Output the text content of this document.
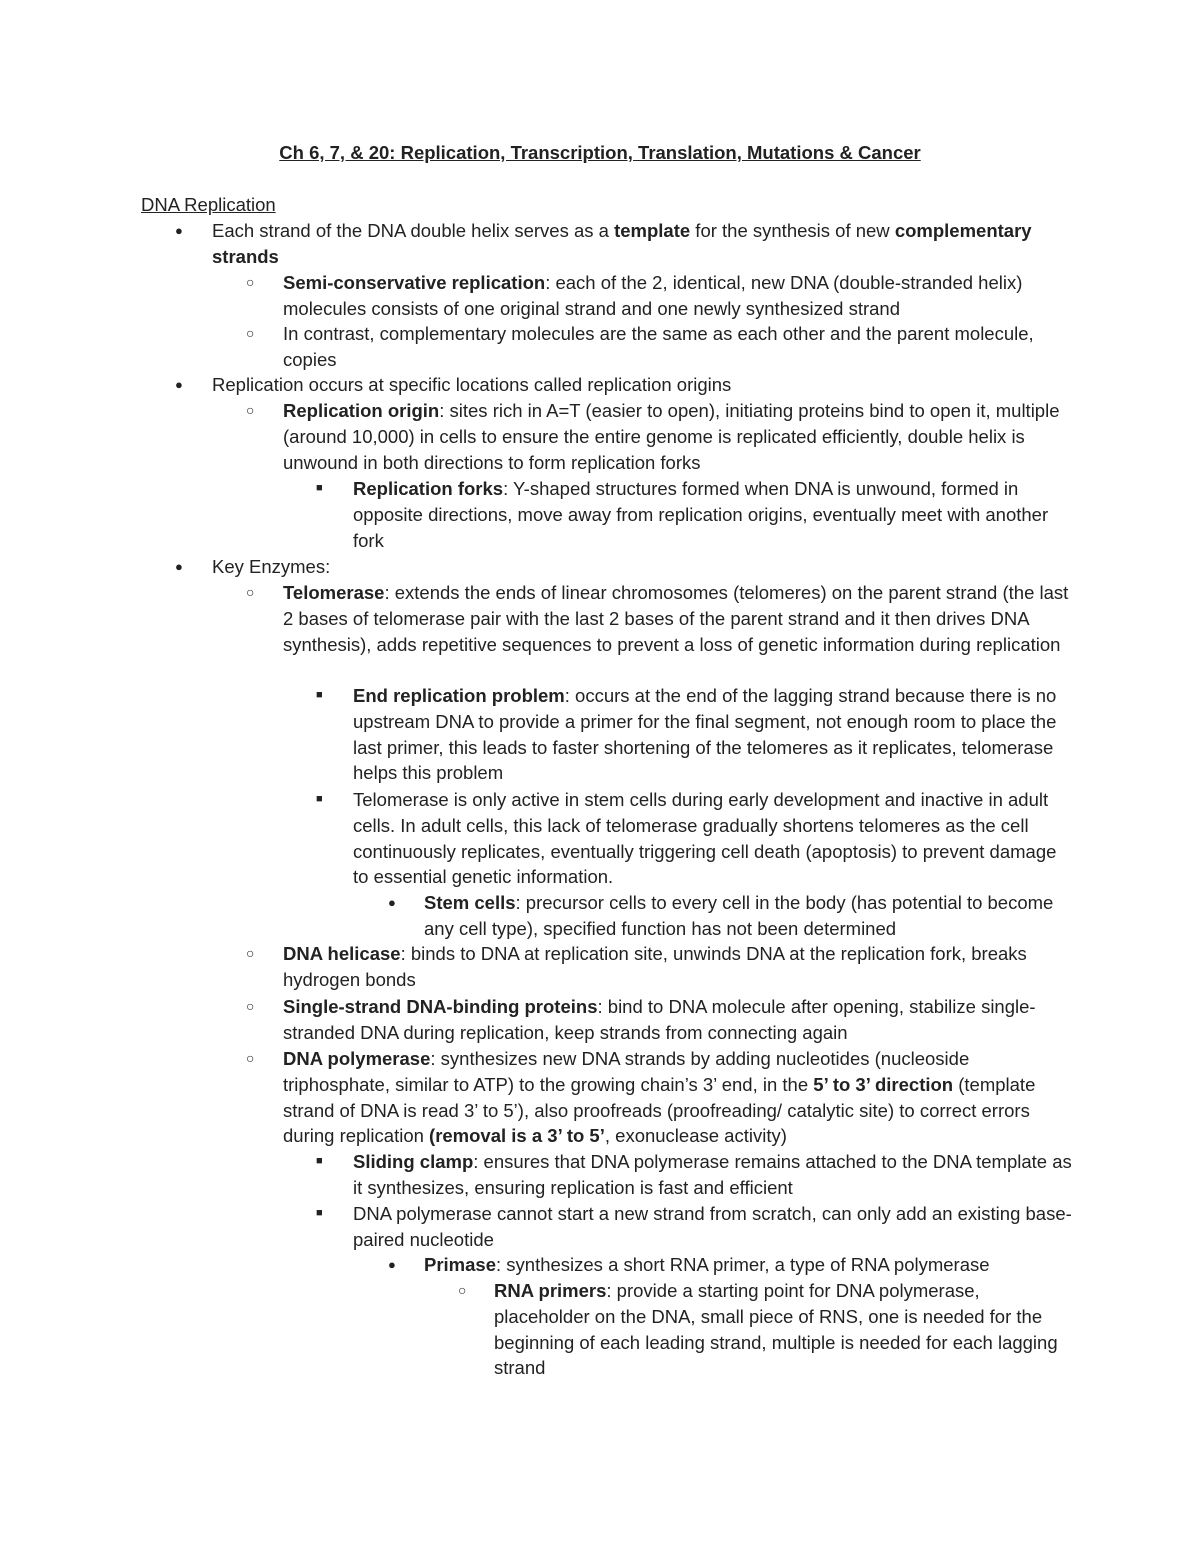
Ch 6, 7, & 20: Replication, Transcription, Translation, Mutations & Cancer
DNA Replication
● Each strand of the DNA double helix serves as a template for the synthesis of new complementary strands
○ Semi-conservative replication: each of the 2, identical, new DNA (double-stranded helix) molecules consists of one original strand and one newly synthesized strand
○ In contrast, complementary molecules are the same as each other and the parent molecule, copies
● Replication occurs at specific locations called replication origins
○ Replication origin: sites rich in A=T (easier to open), initiating proteins bind to open it, multiple (around 10,000) in cells to ensure the entire genome is replicated efficiently, double helix is unwound in both directions to form replication forks
■ Replication forks: Y-shaped structures formed when DNA is unwound, formed in opposite directions, move away from replication origins, eventually meet with another fork
● Key Enzymes:
○ Telomerase: extends the ends of linear chromosomes (telomeres) on the parent strand (the last 2 bases of telomerase pair with the last 2 bases of the parent strand and it then drives DNA synthesis), adds repetitive sequences to prevent a loss of genetic information during replication
■ End replication problem: occurs at the end of the lagging strand because there is no upstream DNA to provide a primer for the final segment, not enough room to place the last primer, this leads to faster shortening of the telomeres as it replicates, telomerase helps this problem
■ Telomerase is only active in stem cells during early development and inactive in adult cells. In adult cells, this lack of telomerase gradually shortens telomeres as the cell continuously replicates, eventually triggering cell death (apoptosis) to prevent damage to essential genetic information.
● Stem cells: precursor cells to every cell in the body (has potential to become any cell type), specified function has not been determined
○ DNA helicase: binds to DNA at replication site, unwinds DNA at the replication fork, breaks hydrogen bonds
○ Single-strand DNA-binding proteins: bind to DNA molecule after opening, stabilize single-stranded DNA during replication, keep strands from connecting again
○ DNA polymerase: synthesizes new DNA strands by adding nucleotides (nucleoside triphosphate, similar to ATP) to the growing chain’s 3’ end, in the 5’ to 3’ direction (template strand of DNA is read 3’ to 5’), also proofreads (proofreading/ catalytic site) to correct errors during replication (removal is a 3’ to 5’, exonuclease activity)
■ Sliding clamp: ensures that DNA polymerase remains attached to the DNA template as it synthesizes, ensuring replication is fast and efficient
■ DNA polymerase cannot start a new strand from scratch, can only add an existing base-paired nucleotide
● Primase: synthesizes a short RNA primer, a type of RNA polymerase
○ RNA primers: provide a starting point for DNA polymerase, placeholder on the DNA, small piece of RNS, one is needed for the beginning of each leading strand, multiple is needed for each lagging strand
